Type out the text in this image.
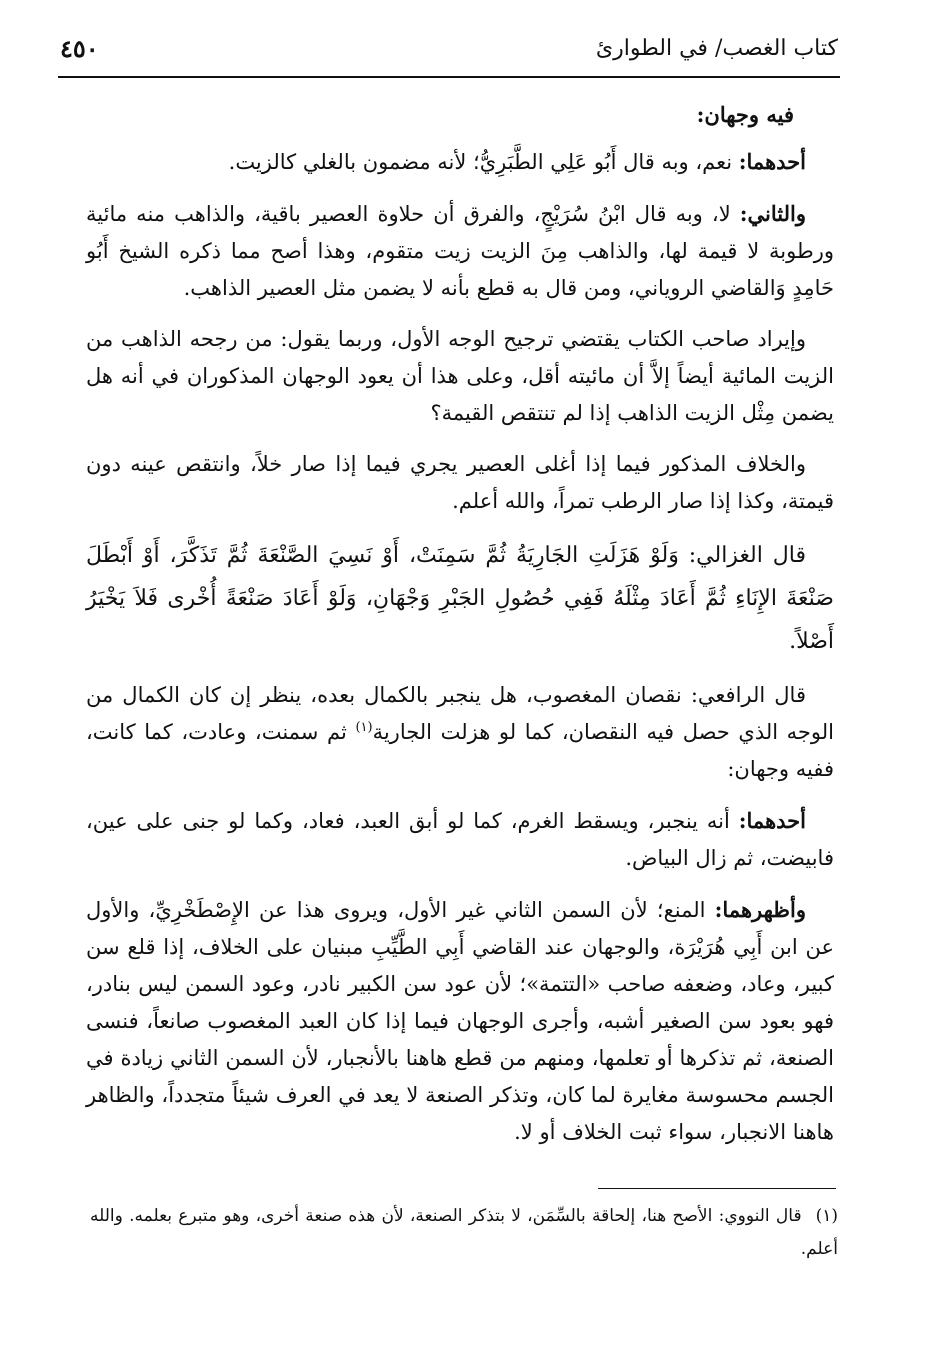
كتاب الغصب/ في الطوارئ
٤٥٠

فيه وجهان:

أحدهما: نعم، وبه قال أَبُو عَلِي الطَّبَرِيُّ؛ لأنه مضمون بالغلي كالزيت.

والثاني: لا، وبه قال ابْنُ سُرَيْجٍ، والفرق أن حلاوة العصير باقية، والذاهب منه مائية ورطوبة لا قيمة لها، والذاهب مِنَ الزيت زيت متقوم، وهذا أصح مما ذكره الشيخ أَبُو حَامِدٍ وَالقاضي الروياني، ومن قال به قطع بأنه لا يضمن مثل العصير الذاهب.

وإيراد صاحب الكتاب يقتضي ترجيح الوجه الأول، وربما يقول: من رجحه الذاهب من الزيت المائية أيضاً إلاَّ أن مائيته أقل، وعلى هذا أن يعود الوجهان المذكوران في أنه هل يضمن مِثْل الزيت الذاهب إذا لم تنتقص القيمة؟

والخلاف المذكور فيما إذا أغلى العصير يجري فيما إذا صار خلاً، وانتقص عينه دون قيمتة، وكذا إذا صار الرطب تمراً، والله أعلم.

قال الغزالي: وَلَوْ هَزَلَتِ الجَارِيَةُ ثُمَّ سَمِنَتْ، أَوْ نَسِيَ الصَّنْعَةَ ثُمَّ تَذَكَّرَ، أَوْ أَبْطَلَ صَنْعَةَ الإِنَاءِ ثُمَّ أَعَادَ مِثْلَهُ فَفِي حُصُولِ الجَبْرِ وَجْهَانِ، وَلَوْ أَعَادَ صَنْعَةً أُخْرى فَلاَ يَخْيَرُ أَصْلاً.

قال الرافعي: نقصان المغصوب، هل ينجبر بالكمال بعده، ينظر إن كان الكمال من الوجه الذي حصل فيه النقصان، كما لو هزلت الجارية$^{(١)}$ ثم سمنت، وعادت، كما كانت، ففيه وجهان:

أحدهما: أنه ينجبر، ويسقط الغرم، كما لو أبق العبد، فعاد، وكما لو جنى على عين، فابيضت، ثم زال البياض.

وأظهرهما: المنع؛ لأن السمن الثاني غير الأول، ويروى هذا عن الإِصْطَخْرِيِّ، والأول عن ابن أَبِي هُرَيْرَة، والوجهان عند القاضي أَبِي الطَّيِّبِ مبنيان على الخلاف، إذا قلع سن كبير، وعاد، وضعفه صاحب «التتمة»؛ لأن عود سن الكبير نادر، وعود السمن ليس بنادر، فهو بعود سن الصغير أشبه، وأجرى الوجهان فيما إذا كان العبد المغصوب صانعاً، فنسى الصنعة، ثم تذكرها أو تعلمها، ومنهم من قطع هاهنا بالأنجبار، لأن السمن الثاني زيادة في الجسم محسوسة مغايرة لما كان، وتذكر الصنعة لا يعد في العرف شيئاً متجدداً، والظاهر هاهنا الانجبار، سواء ثبت الخلاف أو لا.

(١)قال النووي: الأصح هنا، إلحاقة بالسِّمَن، لا بتذكر الصنعة، لأن هذه صنعة أخرى، وهو متبرع بعلمه. والله أعلم.
